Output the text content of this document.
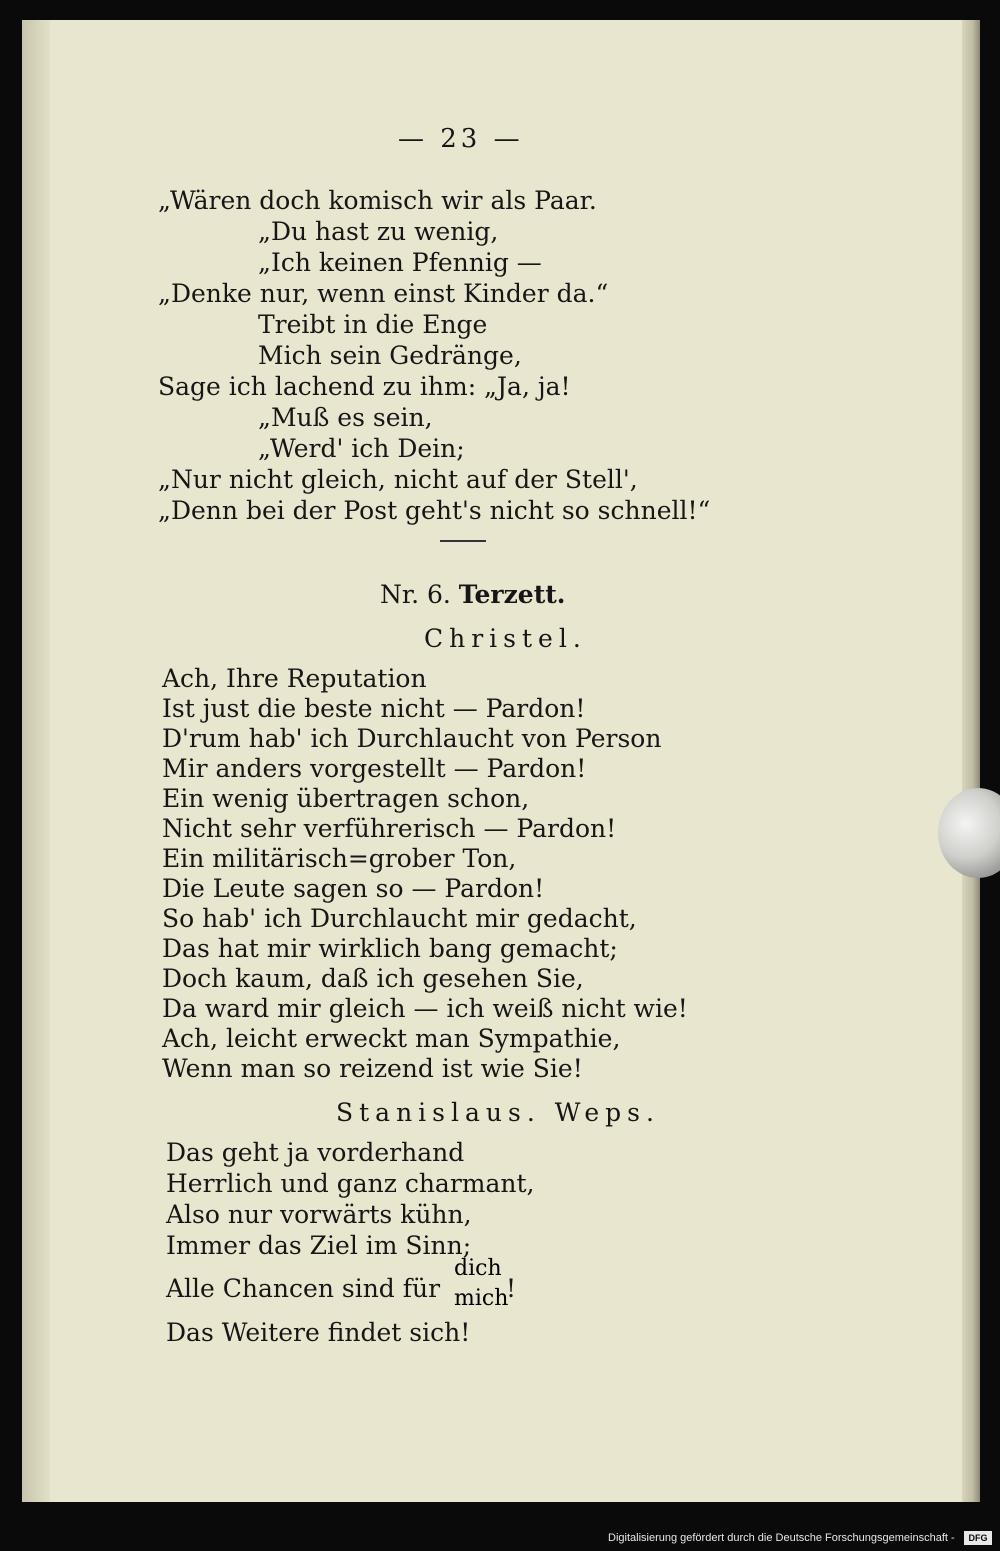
— 23 —
„Wären doch komisch wir als Paar.
„Du hast zu wenig,
„Ich keinen Pfennig —
„Denke nur, wenn einst Kinder da.“
Treibt in die Enge
Mich sein Gedränge,
Sage ich lachend zu ihm: „Ja, ja!
„Muß es sein,
„Werd' ich Dein;
„Nur nicht gleich, nicht auf der Stell',
„Denn bei der Post geht's nicht so schnell!“
Nr. 6. Terzett.
Christel.
Ach, Ihre Reputation
Ist just die beste nicht — Pardon!
D'rum hab' ich Durchlaucht von Person
Mir anders vorgestellt — Pardon!
Ein wenig übertragen schon,
Nicht sehr verführerisch — Pardon!
Ein militärisch=grober Ton,
Die Leute sagen so — Pardon!
So hab' ich Durchlaucht mir gedacht,
Das hat mir wirklich bang gemacht;
Doch kaum, daß ich gesehen Sie,
Da ward mir gleich — ich weiß nicht wie!
Ach, leicht erweckt man Sympathie,
Wenn man so reizend ist wie Sie!
Stanislaus. Weps.
Das geht ja vorderhand
Herrlich und ganz charmant,
Also nur vorwärts kühn,
Immer das Ziel im Sinn;
Alle Chancen sind für
dich
mich
!
Das Weitere findet sich!
Digitalisierung gefördert durch die Deutsche Forschungsgemeinschaft -	DFG
